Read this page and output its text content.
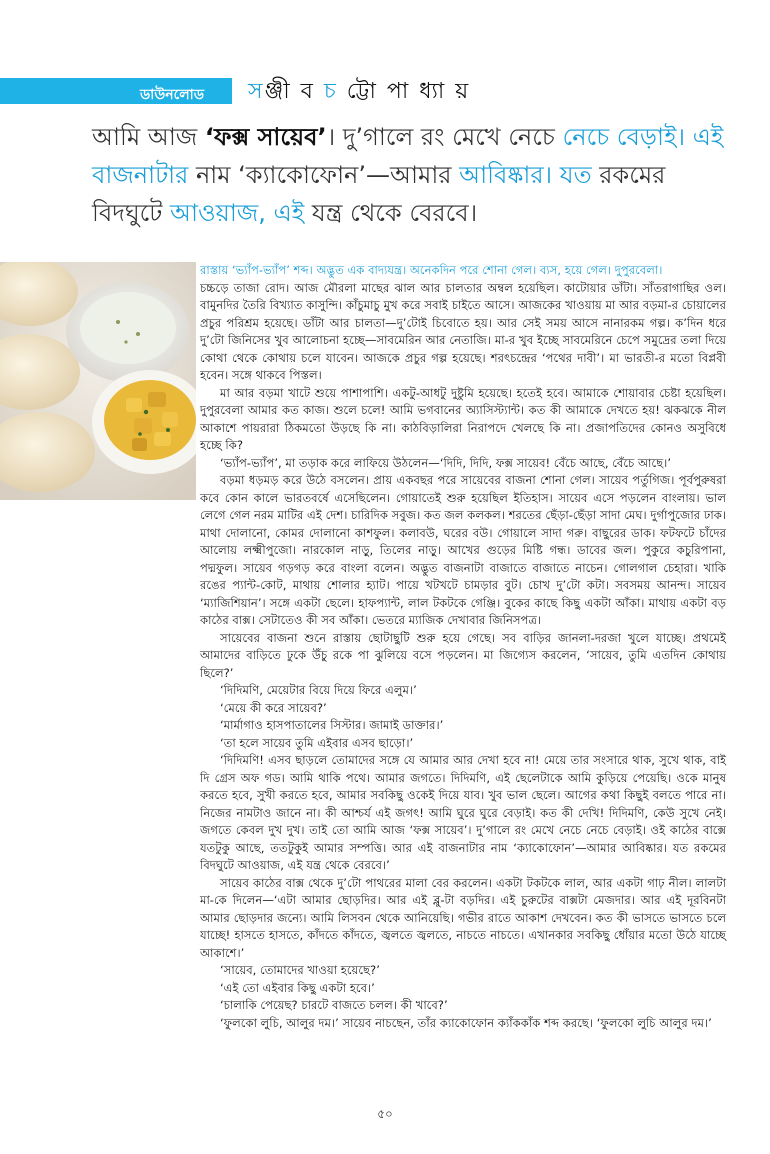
ডাউনলোড সঞ্জী ব চ ট্টো পা ধ্যা য়
আমি আজ ‘ফক্স সায়েব’। দু’গালে রং মেখে নেচে নেচে বেড়াই। এই বাজনাটার নাম ‘ক্যাকোফোন’—আমার আবিষ্কার। যত রকমের বিদঘুটে আওয়াজ, এই যন্ত্র থেকে বেরবে।

রাস্তায় ‘ভ্যাঁপ-ভ্যাঁপ’ শব্দ। অদ্ভুত এক বাদ্যযন্ত্র। অনেকদিন পরে শোনা গেল। ব্যস, হয়ে গেল। দুপুরবেলা।

চচ্চড়ে তাজা রোদ। আজ মৌরলা মাছের ঝাল আর চালতার অম্বল হয়েছিল। কাটোয়ার ডাঁটা। সাঁতরাগাছির ওল। বামুনদির তৈরি বিখ্যাত কাসুন্দি। কাঁচুমাচু মুখ করে সবাই চাইতে আসে। আজকের খাওয়ায় মা আর বড়মা-র চোয়ালের প্রচুর পরিশ্রম হয়েছে। ডাঁটা আর চালতা—দু’টোই চিবোতে হয়। আর সেই সময় আসে নানারকম গল্প। ক’দিন ধরে দু’টো জিনিসের খুব আলোচনা হচ্ছে—সাবমেরিন আর নেতাজি। মা-র খুব ইচ্ছে সাবমেরিনে চেপে সমুদ্রের তলা দিয়ে কোথা থেকে কোথায় চলে যাবেন। আজকে প্রচুর গল্প হয়েছে। শরৎচন্দ্রের ‘পথের দাবী’। মা ভারতী-র মতো বিপ্লবী হবেন। সঙ্গে থাকবে পিস্তল।

মা আর বড়মা খাটে শুয়ে পাশাপাশি। একটু-আধটু দুষ্টুমি হয়েছে। হতেই হবে। আমাকে শোয়াবার চেষ্টা হয়েছিল। দুপুরবেলা আমার কত কাজ। শুলে চলে! আমি ভগবানের অ্যাসিস্ট্যান্ট। কত কী আমাকে দেখতে হয়! ঝকঝকে নীল আকাশে পায়রারা ঠিকমতো উড়ছে কি না। কাঠবিড়ালিরা নিরাপদে খেলছে কি না। প্রজাপতিদের কোনও অসুবিধে হচ্ছে কি?

‘ভ্যাঁপ-ভ্যাঁপ’, মা তড়াক করে লাফিয়ে উঠলেন—‘দিদি, দিদি, ফক্স সায়েব! বেঁচে আছে, বেঁচে আছে।’

বড়মা ধড়মড় করে উঠে বসলেন। প্রায় একবছর পরে সায়েবের বাজনা শোনা গেল। সায়েব পর্তুগিজ। পূর্বপুরুষরা কবে কোন কালে ভারতবর্ষে এসেছিলেন। গোয়াতেই শুরু হয়েছিল ইতিহাস। সায়েব এসে পড়লেন বাংলায়। ভাল লেগে গেল নরম মাটির এই দেশ। চারিদিক সবুজ। কত জল কলকল। শরতের ছেঁড়া-ছেঁড়া সাদা মেঘ। দুর্গাপুজোর ঢাক। মাথা দোলানো, কোমর দোলানো কাশফুল। কলাবউ, ঘরের বউ। গোয়ালে সাদা গরু। বাছুরের ডাক। ফটফটে চাঁদের আলোয় লক্ষ্মীপুজো। নারকোল নাড়ু, তিলের নাড়ু। আখের গুড়ের মিষ্টি গন্ধ। ডাবের জল। পুকুরে কচুরিপানা, পদ্মফুল। সায়েব গড়গড় করে বাংলা বলেন। অদ্ভুত বাজনাটা বাজাতে বাজাতে নাচেন। গোলগাল চেহারা। খাকি রঙের প্যান্ট-কোট, মাথায় শোলার হ্যাট। পায়ে খটখটে চামড়ার বুট। চোখ দু’টো কটা। সবসময় আনন্দ। সায়েব ‘ম্যাজিশিয়ান’। সঙ্গে একটা ছেলে। হাফপ্যান্ট, লাল টকটকে গেঞ্জি। বুকের কাছে কিছু একটা আঁকা। মাথায় একটা বড় কাঠের বাক্স। সেটাতেও কী সব আঁকা। ভেতরে ম্যাজিক দেখাবার জিনিসপত্র।

সায়েবের বাজনা শুনে রাস্তায় ছোটাছুটি শুরু হয়ে গেছে। সব বাড়ির জানলা-দরজা খুলে যাচ্ছে। প্রথমেই আমাদের বাড়িতে ঢুকে উঁচু রকে পা ঝুলিয়ে বসে পড়লেন। মা জিগ্যেস করলেন, ‘সায়েব, তুমি এতদিন কোথায় ছিলে?’

‘দিদিমণি, মেয়েটার বিয়ে দিয়ে ফিরে এলুম।’

‘মেয়ে কী করে সায়েব?’

‘মার্মাগাও হাসপাতালের সিস্টার। জামাই ডাক্তার।’

‘তা হলে সায়েব তুমি এইবার এসব ছাড়ো।’

‘দিদিমণি! এসব ছাড়লে তোমাদের সঙ্গে যে আমার আর দেখা হবে না! মেয়ে তার সংসারে থাক, সুখে থাক, বাই দি গ্রেস অফ গড। আমি থাকি পথে। আমার জগতে। দিদিমণি, এই ছেলেটাকে আমি কুড়িয়ে পেয়েছি। ওকে মানুষ করতে হবে, সুখী করতে হবে, আমার সবকিছু ওকেই দিয়ে যাব। খুব ভাল ছেলে। আগের কথা কিছুই বলতে পারে না। নিজের নামটাও জানে না। কী আশ্চর্য এই জগৎ! আমি ঘুরে ঘুরে বেড়াই। কত কী দেখি! দিদিমণি, কেউ সুখে নেই। জগতে কেবল দুখ দুখ। তাই তো আমি আজ ‘ফক্স সায়েব’। দু’গালে রং মেখে নেচে নেচে বেড়াই। ওই কাঠের বাক্সে যতটুকু আছে, ততটুকুই আমার সম্পত্তি। আর এই বাজনাটার নাম ‘ক্যাকোফোন’—আমার আবিষ্কার। যত রকমের বিদঘুটে আওয়াজ, এই যন্ত্র থেকে বেরবে।’

সায়েব কাঠের বাক্স থেকে দু’টো পাথরের মালা বের করলেন। একটা টকটকে লাল, আর একটা গাঢ় নীল। লালটা মা-কে দিলেন—‘এটা আমার ছোড়দির। আর এই ব্লু-টা বড়দির। এই চুরুটের বাক্সটা মেজদার। আর এই দূরবিনটা আমার ছোড়দার জন্যে। আমি লিসবন থেকে আনিয়েছি। গভীর রাতে আকাশ দেখবেন। কত কী ভাসতে ভাসতে চলে যাচ্ছে! হাসতে হাসতে, কাঁদতে কাঁদতে, জ্বলতে জ্বলতে, নাচতে নাচতে। এখানকার সবকিছু ধোঁয়ার মতো উঠে যাচ্ছে আকাশে।’

‘সায়েব, তোমাদের খাওয়া হয়েছে?’

‘এই তো এইবার কিছু একটা হবে।’

‘চালাকি পেয়েছ? চারটে বাজতে চলল। কী খাবে?’

‘ফুলকো লুচি, আলুর দম।’ সায়েব নাচছেন, তাঁর ক্যাকোফোন ক্যাঁককাঁক শব্দ করছে। ‘ফুলকো লুচি আলুর দম।’

৫০
